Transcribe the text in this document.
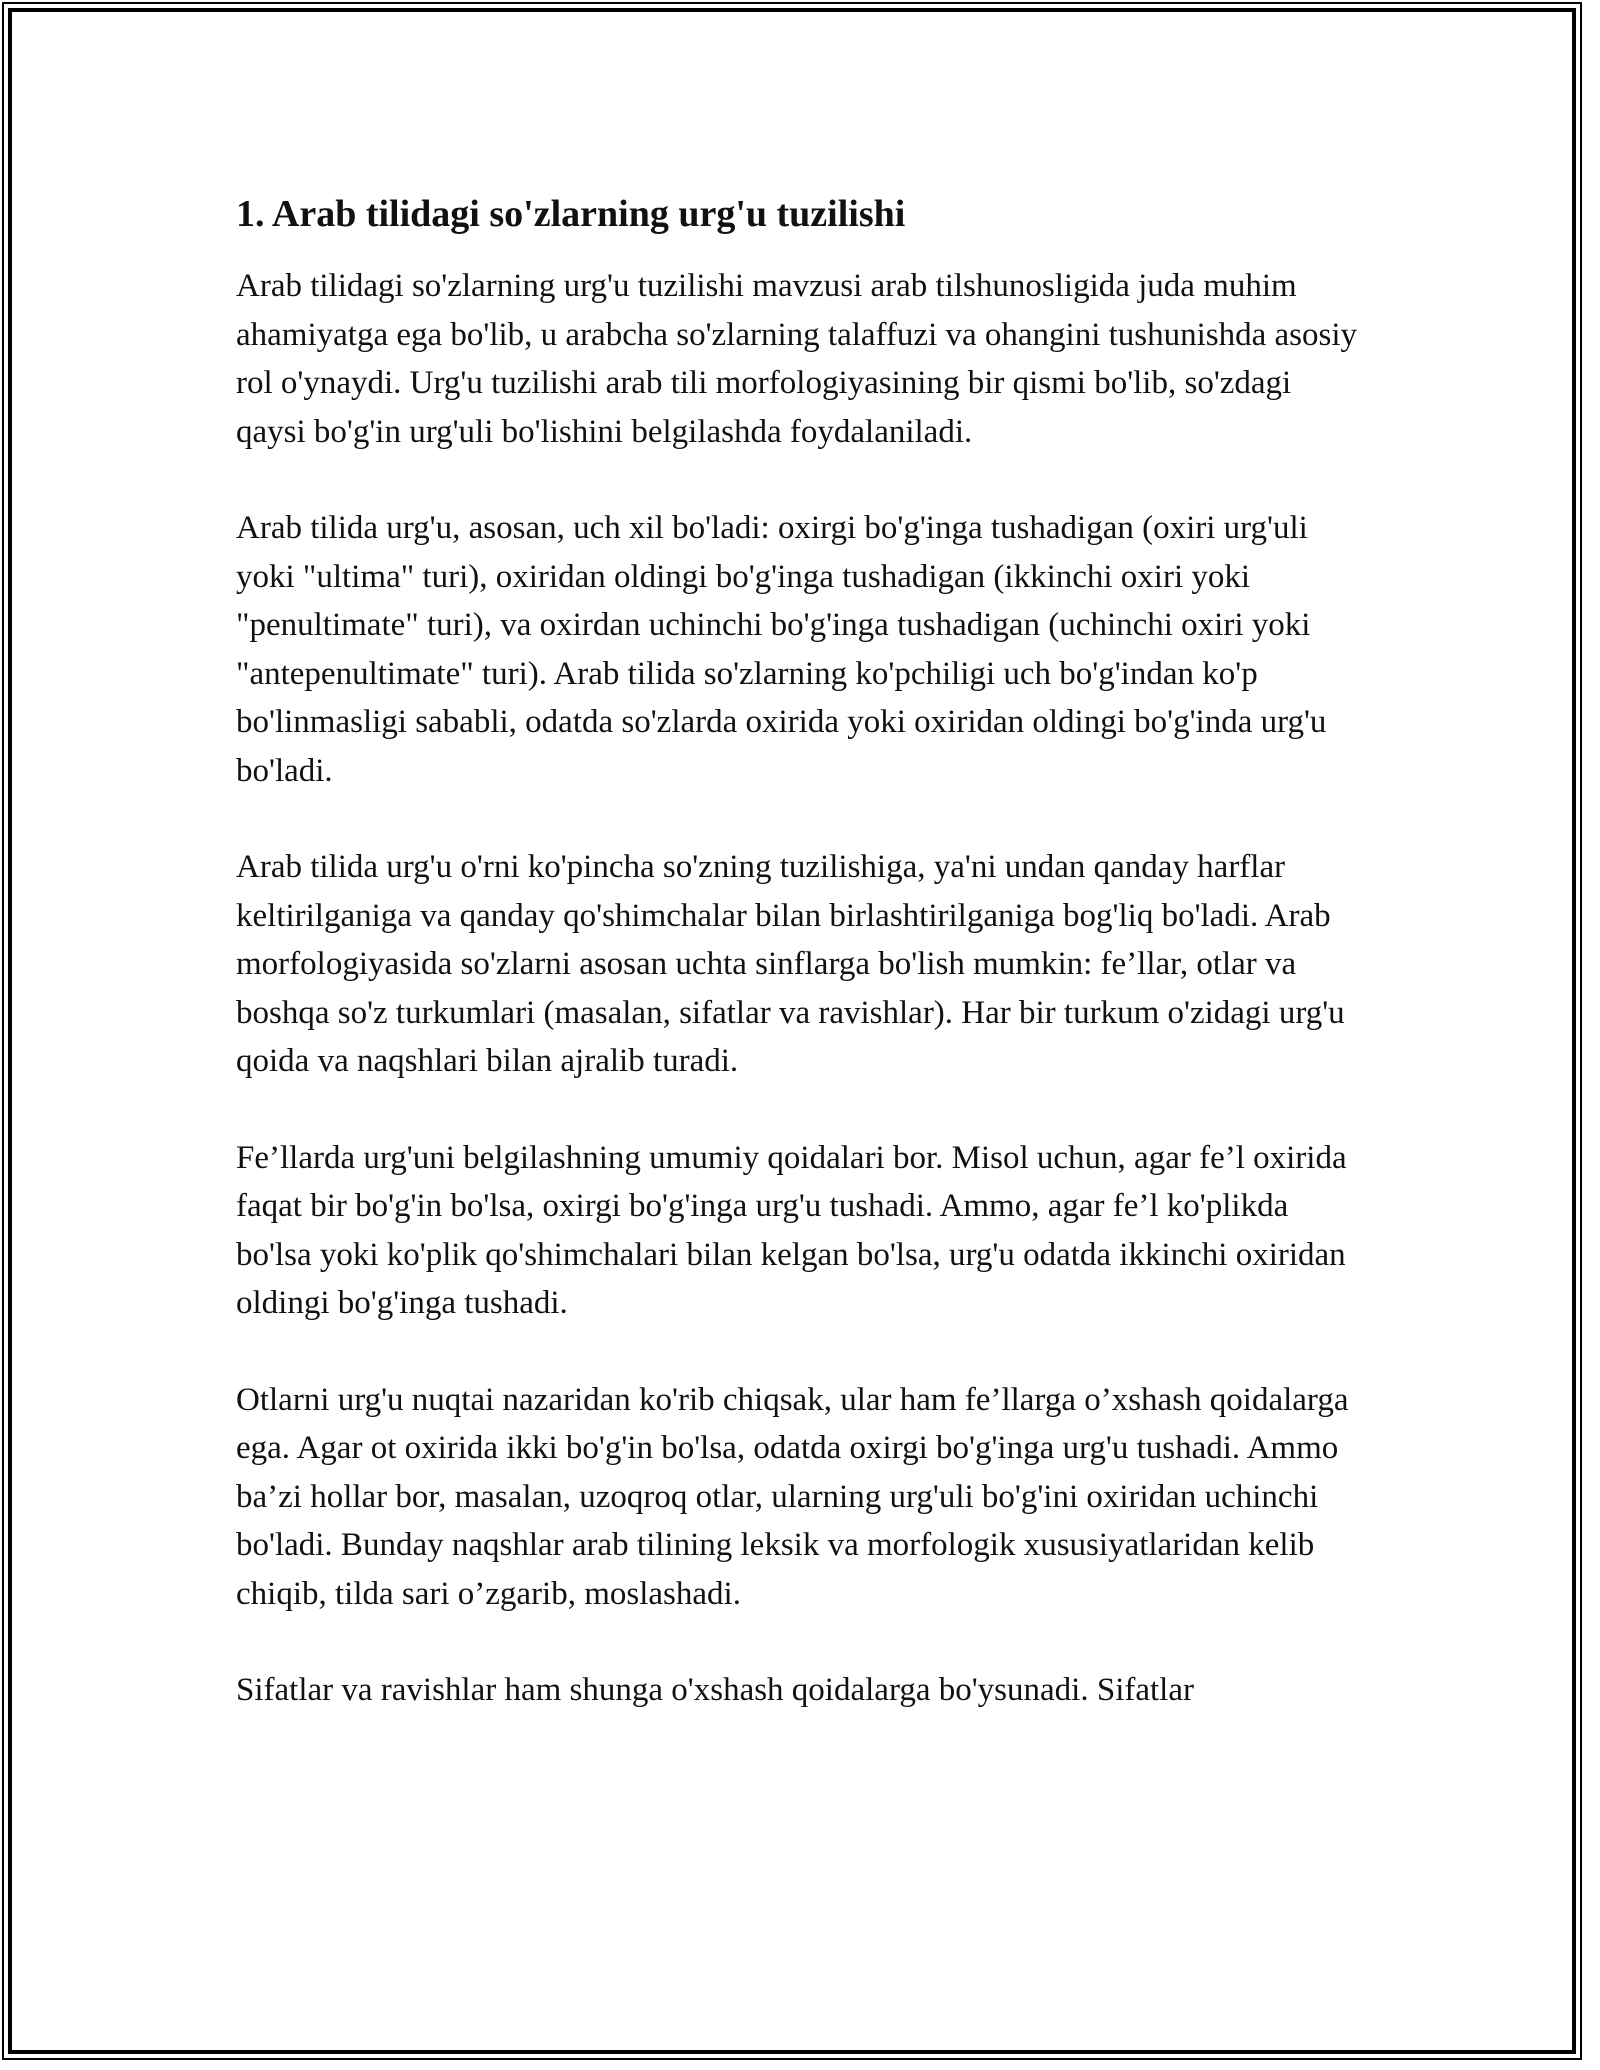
1. Arab tilidagi so'zlarning urg'u tuzilishi

Arab tilidagi so'zlarning urg'u tuzilishi mavzusi arab tilshunosligida juda muhim ahamiyatga ega bo'lib, u arabcha so'zlarning talaffuzi va ohangini tushunishda asosiy rol o'ynaydi. Urg'u tuzilishi arab tili morfologiyasining bir qismi bo'lib, so'zdagi qaysi bo'g'in urg'uli bo'lishini belgilashda foydalaniladi.

Arab tilida urg'u, asosan, uch xil bo'ladi: oxirgi bo'g'inga tushadigan (oxiri urg'uli yoki "ultima" turi), oxiridan oldingi bo'g'inga tushadigan (ikkinchi oxiri yoki "penultimate" turi), va oxirdan uchinchi bo'g'inga tushadigan (uchinchi oxiri yoki "antepenultimate" turi). Arab tilida so'zlarning ko'pchiligi uch bo'g'indan ko'p bo'linmasligi sababli, odatda so'zlarda oxirida yoki oxiridan oldingi bo'g'inda urg'u bo'ladi.

Arab tilida urg'u o'rni ko'pincha so'zning tuzilishiga, ya'ni undan qanday harflar keltirilganiga va qanday qo'shimchalar bilan birlashtirilganiga bog'liq bo'ladi. Arab morfologiyasida so'zlarni asosan uchta sinflarga bo'lish mumkin: fe’llar, otlar va boshqa so'z turkumlari (masalan, sifatlar va ravishlar). Har bir turkum o'zidagi urg'u qoida va naqshlari bilan ajralib turadi.

Fe’llarda urg'uni belgilashning umumiy qoidalari bor. Misol uchun, agar fe’l oxirida faqat bir bo'g'in bo'lsa, oxirgi bo'g'inga urg'u tushadi. Ammo, agar fe’l ko'plikda bo'lsa yoki ko'plik qo'shimchalari bilan kelgan bo'lsa, urg'u odatda ikkinchi oxiridan oldingi bo'g'inga tushadi.

Otlarni urg'u nuqtai nazaridan ko'rib chiqsak, ular ham fe’llarga o’xshash qoidalarga ega. Agar ot oxirida ikki bo'g'in bo'lsa, odatda oxirgi bo'g'inga urg'u tushadi. Ammo ba’zi hollar bor, masalan, uzoqroq otlar, ularning urg'uli bo'g'ini oxiridan uchinchi bo'ladi. Bunday naqshlar arab tilining leksik va morfologik xususiyatlaridan kelib chiqib, tilda sari o’zgarib, moslashadi.

Sifatlar va ravishlar ham shunga o'xshash qoidalarga bo'ysunadi. Sifatlar
